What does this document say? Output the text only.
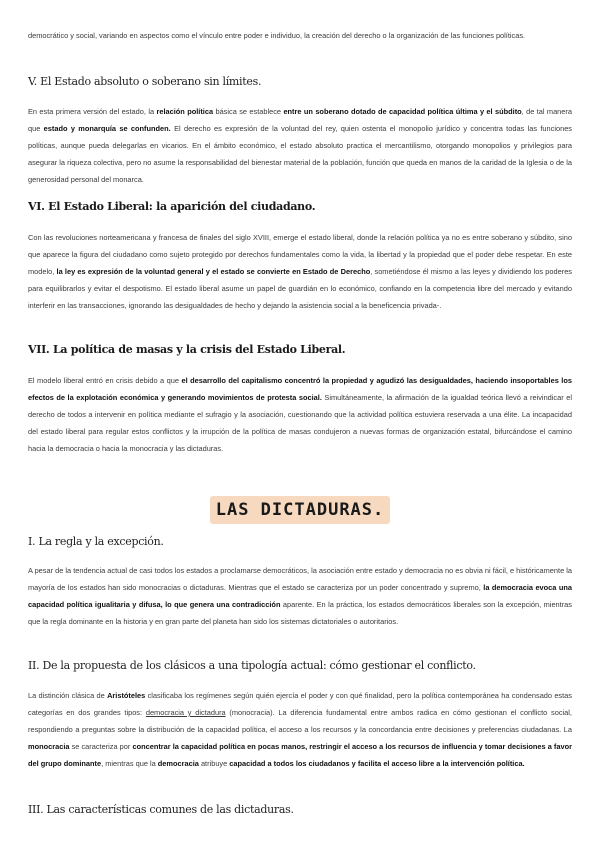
democrático y social, variando en aspectos como el vínculo entre poder e individuo, la creación del derecho o la organización de las funciones políticas.

V. El Estado absoluto o soberano sin límites.

En esta primera versión del estado, la relación política básica se establece entre un soberano dotado de capacidad política última y el súbdito, de tal manera que estado y monarquía se confunden. El derecho es expresión de la voluntad del rey, quien ostenta el monopolio jurídico y concentra todas las funciones políticas, aunque pueda delegarlas en vicarios. En el ámbito económico, el estado absoluto practica el mercantilismo, otorgando monopolios y privilegios para asegurar la riqueza colectiva, pero no asume la responsabilidad del bienestar material de la población, función que queda en manos de la caridad de la Iglesia o de la generosidad personal del monarca.

VI. El Estado Liberal: la aparición del ciudadano.

Con las revoluciones norteamericana y francesa de finales del siglo XVIII, emerge el estado liberal, donde la relación política ya no es entre soberano y súbdito, sino que aparece la figura del ciudadano como sujeto protegido por derechos fundamentales como la vida, la libertad y la propiedad que el poder debe respetar. En este modelo, la ley es expresión de la voluntad general y el estado se convierte en Estado de Derecho, sometiéndose él mismo a las leyes y dividiendo los poderes para equilibrarlos y evitar el despotismo. El estado liberal asume un papel de guardián en lo económico, confiando en la competencia libre del mercado y evitando interferir en las transacciones, ignorando las desigualdades de hecho y dejando la asistencia social a la beneficencia privada-.

VII. La política de masas y la crisis del Estado Liberal.

El modelo liberal entró en crisis debido a que el desarrollo del capitalismo concentró la propiedad y agudizó las desigualdades, haciendo insoportables los efectos de la explotación económica y generando movimientos de protesta social. Simultáneamente, la afirmación de la igualdad teórica llevó a reivindicar el derecho de todos a intervenir en política mediante el sufragio y la asociación, cuestionando que la actividad política estuviera reservada a una élite. La incapacidad del estado liberal para regular estos conflictos y la irrupción de la política de masas condujeron a nuevas formas de organización estatal, bifurcándose el camino hacia la democracia o hacia la monocracia y las dictaduras.

LAS DICTADURAS.
I. La regla y la excepción.

A pesar de la tendencia actual de casi todos los estados a proclamarse democráticos, la asociación entre estado y democracia no es obvia ni fácil, e históricamente la mayoría de los estados han sido monocracias o dictaduras. Mientras que el estado se caracteriza por un poder concentrado y supremo, la democracia evoca una capacidad política igualitaria y difusa, lo que genera una contradicción aparente. En la práctica, los estados democráticos liberales son la excepción, mientras que la regla dominante en la historia y en gran parte del planeta han sido los sistemas dictatoriales o autoritarios.

II. De la propuesta de los clásicos a una tipología actual: cómo gestionar el conflicto.

La distinción clásica de Aristóteles clasificaba los regímenes según quién ejercía el poder y con qué finalidad, pero la política contemporánea ha condensado estas categorías en dos grandes tipos: democracia y dictadura (monocracia). La diferencia fundamental entre ambos radica en cómo gestionan el conflicto social, respondiendo a preguntas sobre la distribución de la capacidad política, el acceso a los recursos y la concordancia entre decisiones y preferencias ciudadanas. La monocracia se caracteriza por concentrar la capacidad política en pocas manos, restringir el acceso a los recursos de influencia y tomar decisiones a favor del grupo dominante, mientras que la democracia atribuye capacidad a todos los ciudadanos y facilita el acceso libre a la intervención política.

III. Las características comunes de las dictaduras.
